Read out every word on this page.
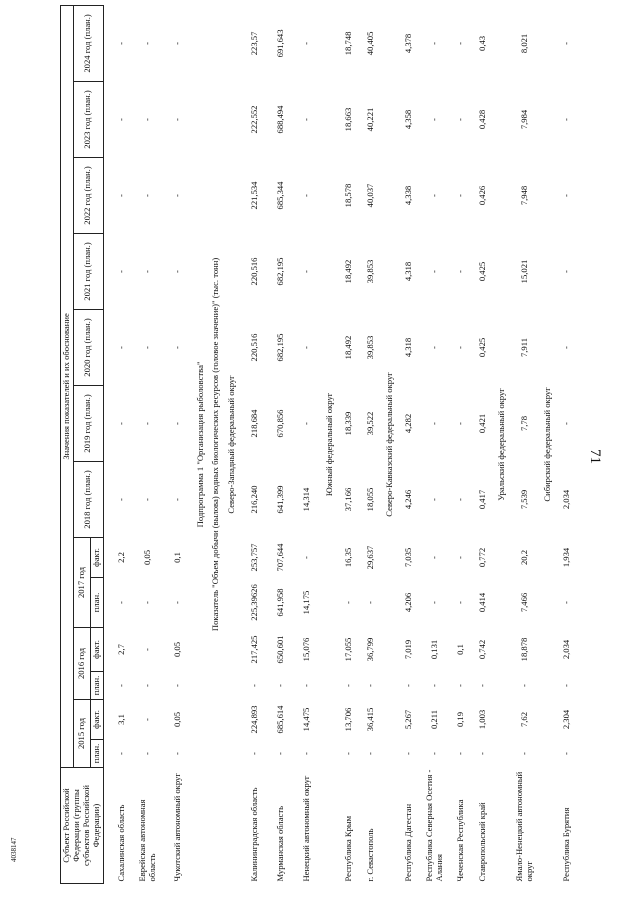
71
4038147	Субъект Российской Федерации (группы субъектов Российской Федерации)	Значения показателей и их обоснование												
	2015 год		2016 год		2017 год		2018 год (план.)	2019 год (план.)	2020 год (план.)	2021 год (план.)	2022 год (план.)	2023 год (план.)	2024 год (план.)
	план.	факт.	план.	факт.	план.	факт.							

Сахалинская область	-	3,1	-	2,7	-	2,2	-	-	-	-	-	-	-
Еврейская автономная область	-	-	-	-	-	0,05	-	-	-	-	-	-	-
Чукотский автономный округ	-	0,05	-	0,05	-	0,1	-	-	-	-	-	-	-
Подпрограмма 1 "Организация рыболовства"													
Показатель "Объем добычи (вылова) водных биологических ресурсов (головое значение)" (тыс. тонн)													
Северо-Западный федеральный округ													
Калининградская область	-	224,893	-	217,425	225,39626	253,757	216,240	218,684	220,516	220,516	221,534	222,552	223,57
Мурманская область	-	685,614	-	650,601	641,958	707,644	641,399	670,856	682,195	682,195	685,344	688,494	691,643
Ненецкий автономный округ	-	14,475	-	15,076	14,175	-	14,314	-	-	-	-	-	-
Южный федеральный округ													
Республика Крым	-	13,706	-	17,055	-	16,35	37,166	18,339	18,492	18,492	18,578	18,663	18,748
г. Севастополь	-	36,415	-	36,799	-	29,637	18,055	39,522	39,853	39,853	40,037	40,221	40,405
Северо-Кавказский федеральный округ													
Республика Дагестан	-	5,267	-	7,019	4,206	7,035	4,246	4,282	4,318	4,318	4,338	4,358	4,378
Республика Северная Осетия - Алания	-	0,211	-	0,131	-	-	-	-	-	-	-	-	-
Чеченская Республика	-	0,19	-	0,1	-	-	-	-	-	-	-	-	-
Ставропольский край	-	1,003	-	0,742	0,414	0,772	0,417	0,421	0,425	0,425	0,426	0,428	0,43
Уральский федеральный округ													
Ямало-Ненецкий автономный округ	-	7,62	-	18,878	7,466	20,2	7,539	7,78	7,911	15,021	7,948	7,984	8,021
Сибирский федеральный округ													
Республика Бурятия	-	2,304	-	2,034	-	1,934	2,034	-	-	-	-	-	-
